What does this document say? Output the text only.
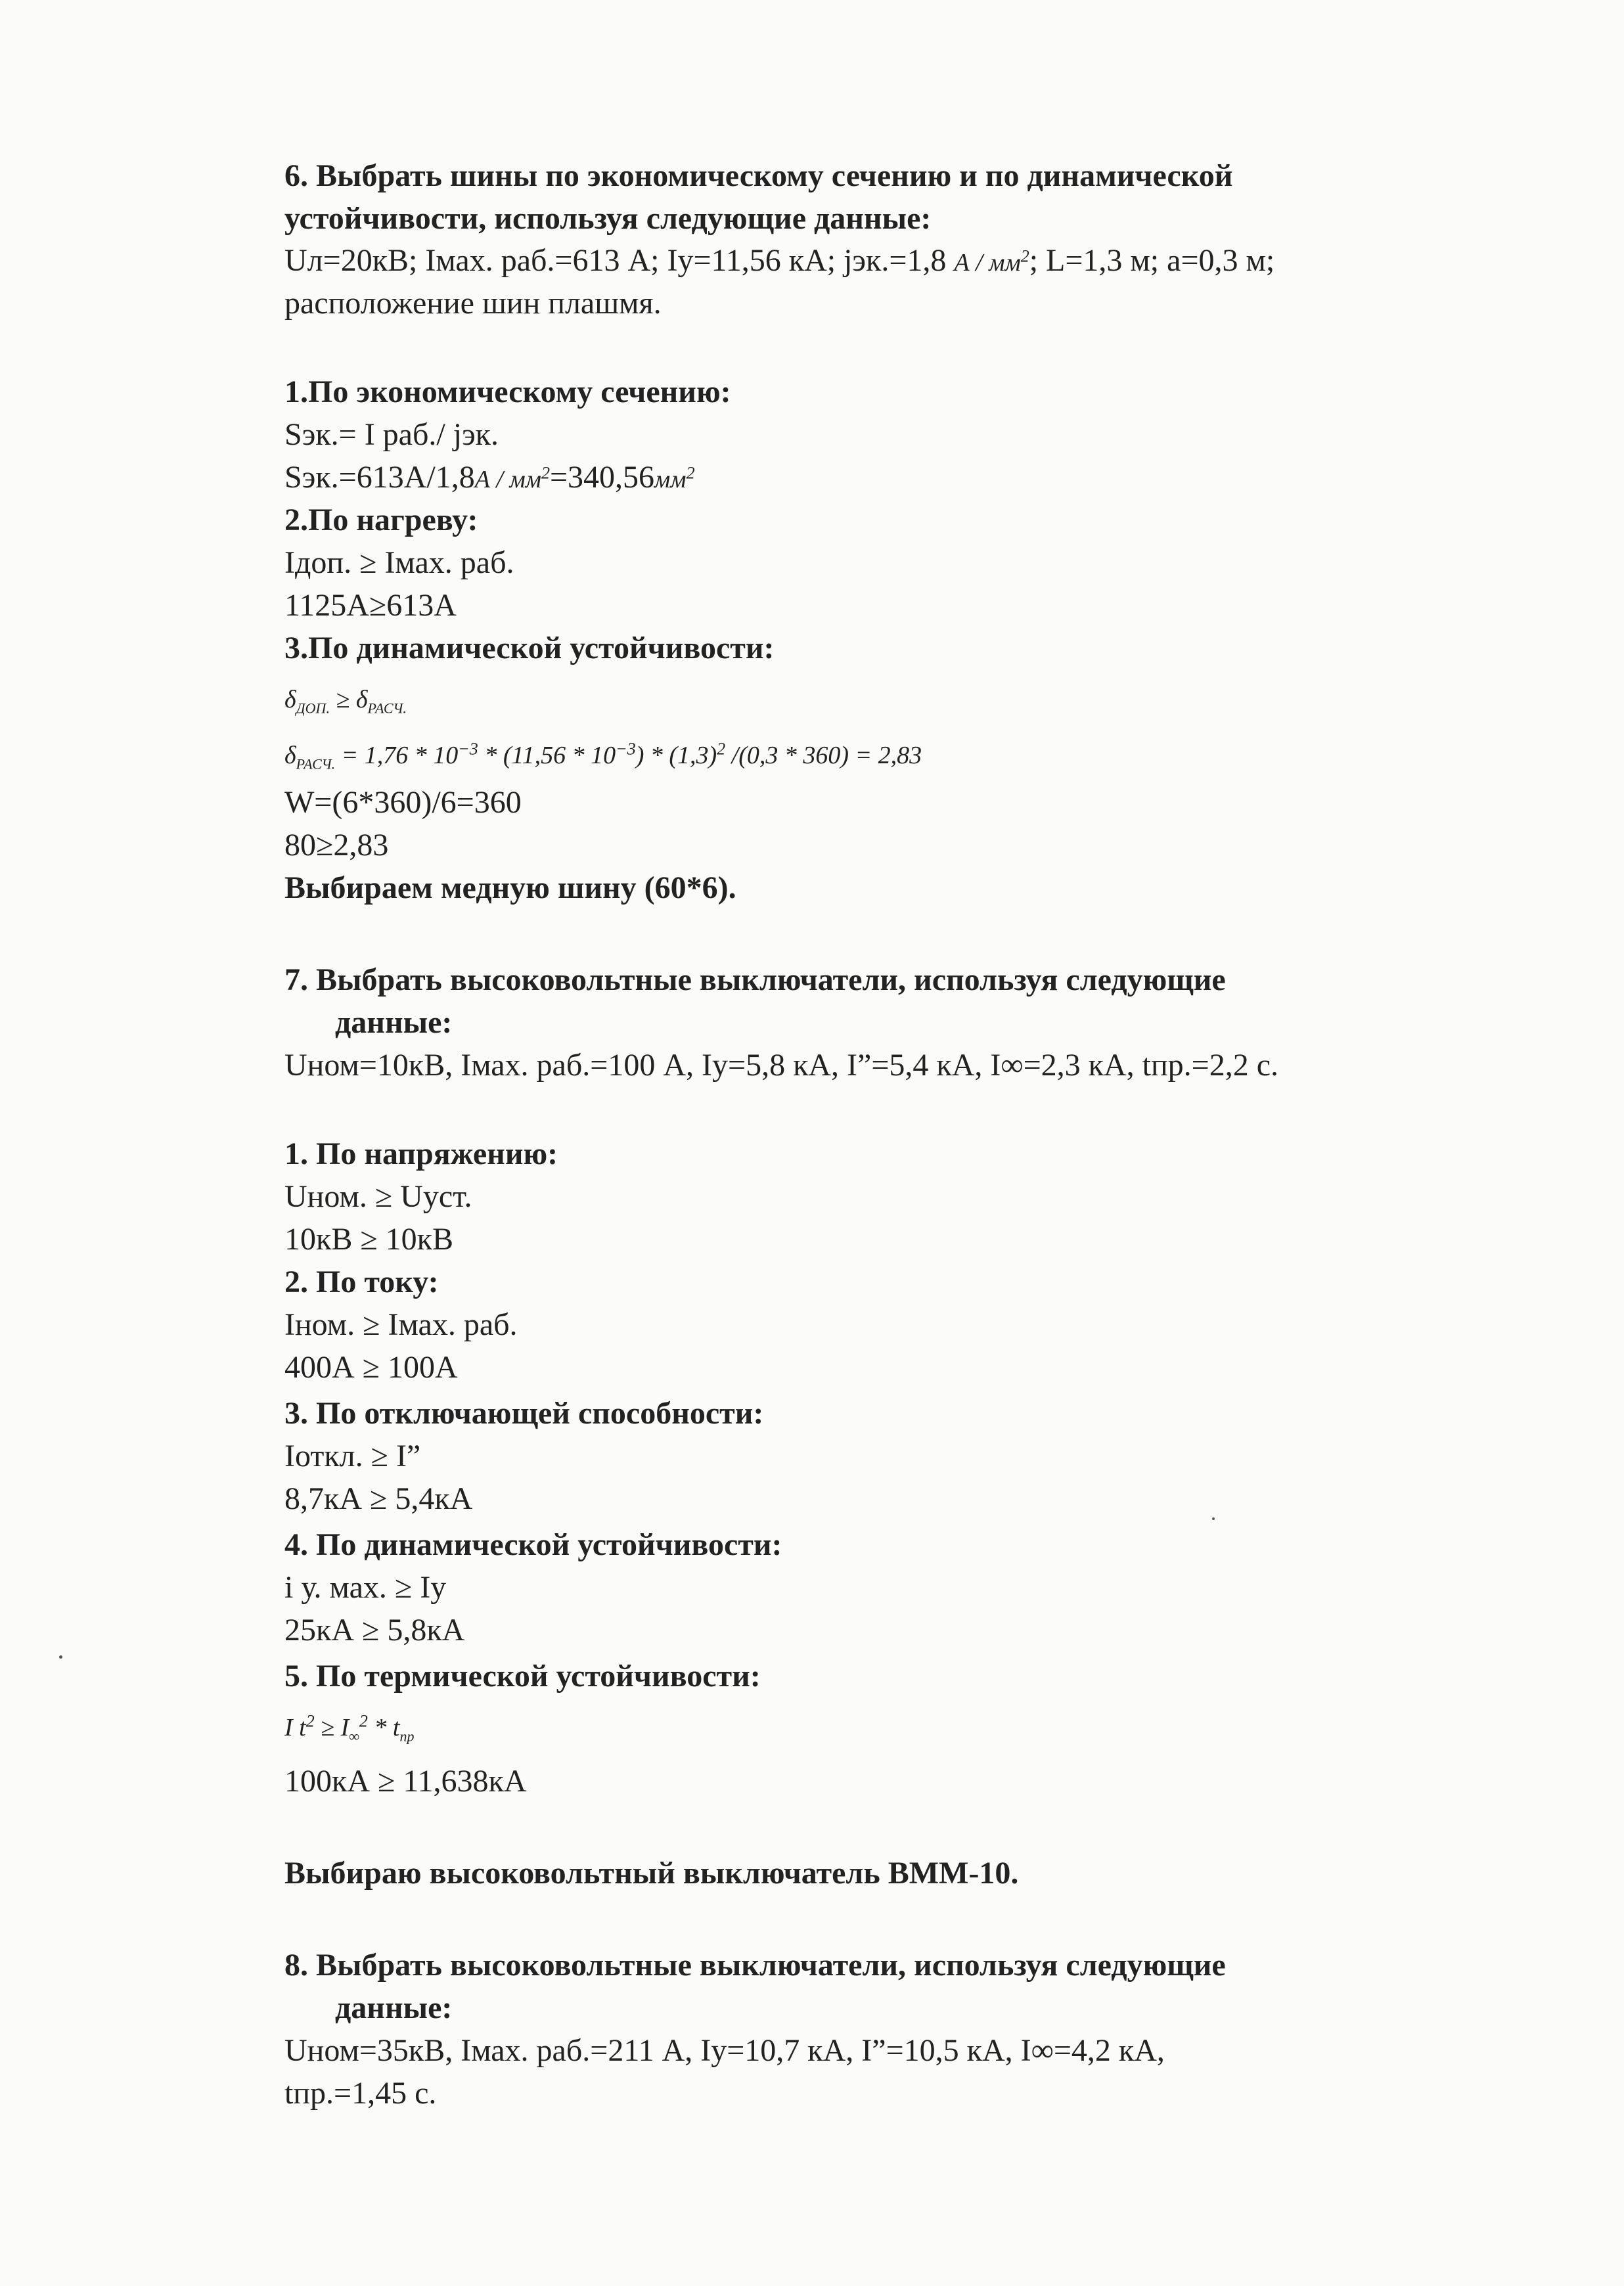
6. Выбрать шины по экономическому сечению и по динамической
устойчивости, используя следующие данные:
Uл=20кВ; Iмах. раб.=613 А; Iу=11,56 кА; jэк.=1,8 А / $мм^2$; L=1,3 м; а=0,3 м;
расположение шин плашмя.
1.По экономическому сечению:
Sэк.= I раб./ jэк.
$Sэк.=613А/1,8А / мм^2=340,56мм^2$
2.По нагреву:
Iдоп. ≥ Iмах. раб.
1125А≥613А
3.По динамической устойчивости:
$\delta_{ДОП.} \ge \delta_{РАСЧ.}$
$\delta_{РАСЧ.} = 1,76 * 10^{-3} * (11,56 * 10^{-3}) * (1,3)^2$ /(0,3 * 360) = 2,83
W=(6*360)/6=360
80≥2,83
Выбираем медную шину (60*6).
7. Выбрать высоковольтные выключатели, используя следующие
данные:
Uном=10кВ, Iмах. раб.=100 А, Iу=5,8 кА, I”=5,4 кА, I∞=2,3 кА, tпр.=2,2 с.
1. По напряжению:
Uном. ≥ Uуст.
10кВ ≥ 10кВ
2. По току:
Iном. ≥ Iмах. раб.
400А ≥ 100А
3. По отключающей способности:
Iоткл. ≥ I”
8,7кА ≥ 5,4кА
4. По динамической устойчивости:
i у. мах. ≥ Iу
25кА ≥ 5,8кА
5. По термической устойчивости:
I $t^2 \ge I_\infty^2 * t_{пр}$
100кА ≥ 11,638кА
Выбираю высоковольтный выключатель ВММ-10.
8. Выбрать высоковольтные выключатели, используя следующие
данные:
Uном=35кВ, Iмах. раб.=211 А, Iу=10,7 кА, I”=10,5 кА, I∞=4,2 кА,
tпр.=1,45 с.
